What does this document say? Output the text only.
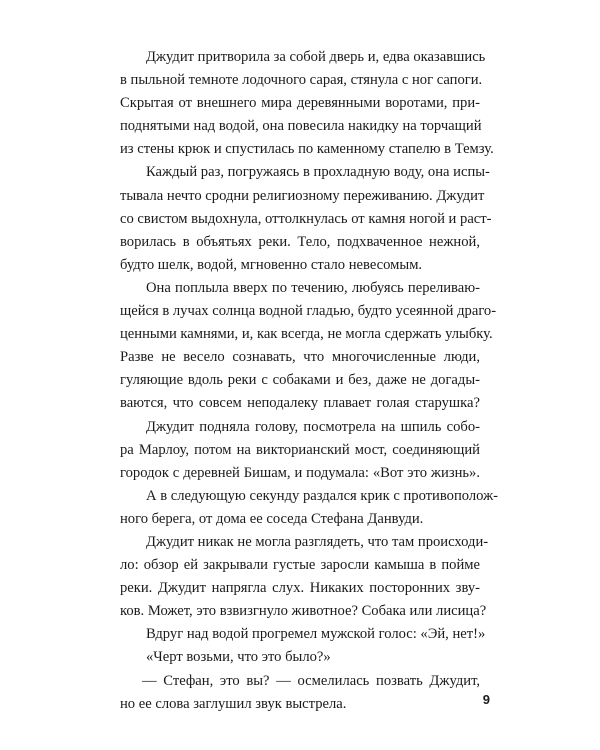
Джудит притворила за собой дверь и, едва оказавшись
в пыльной темноте лодочного сарая, стянула с ног сапоги.
Скрытая от внешнего мира деревянными воротами, при-
поднятыми над водой, она повесила накидку на торчащий
из стены крюк и спустилась по каменному стапелю в Темзу.
Каждый раз, погружаясь в прохладную воду, она испы-
тывала нечто сродни религиозному переживанию. Джудит
со свистом выдохнула, оттолкнулась от камня ногой и раст-
ворилась в объятьях реки. Тело, подхваченное нежной,
будто шелк, водой, мгновенно стало невесомым.
Она поплыла вверх по течению, любуясь переливаю-
щейся в лучах солнца водной гладью, будто усеянной драго-
ценными камнями, и, как всегда, не могла сдержать улыбку.
Разве не весело сознавать, что многочисленные люди,
гуляющие вдоль реки с собаками и без, даже не догады-
ваются, что совсем неподалеку плавает голая старушка?
Джудит подняла голову, посмотрела на шпиль собо-
ра Марлоу, потом на викторианский мост, соединяющий
городок с деревней Бишам, и подумала: «Вот это жизнь».
А в следующую секунду раздался крик с противополож-
ного берега, от дома ее соседа Стефана Данвуди.
Джудит никак не могла разглядеть, что там происходи-
ло: обзор ей закрывали густые заросли камыша в пойме
реки. Джудит напрягла слух. Никаких посторонних зву-
ков. Может, это взвизгнуло животное? Собака или лисица?
Вдруг над водой прогремел мужской голос: «Эй, нет!»
«Черт возьми, что это было?»
— Стефан, это вы? — осмелилась позвать Джудит,
но ее слова заглушил звук выстрела.	9
